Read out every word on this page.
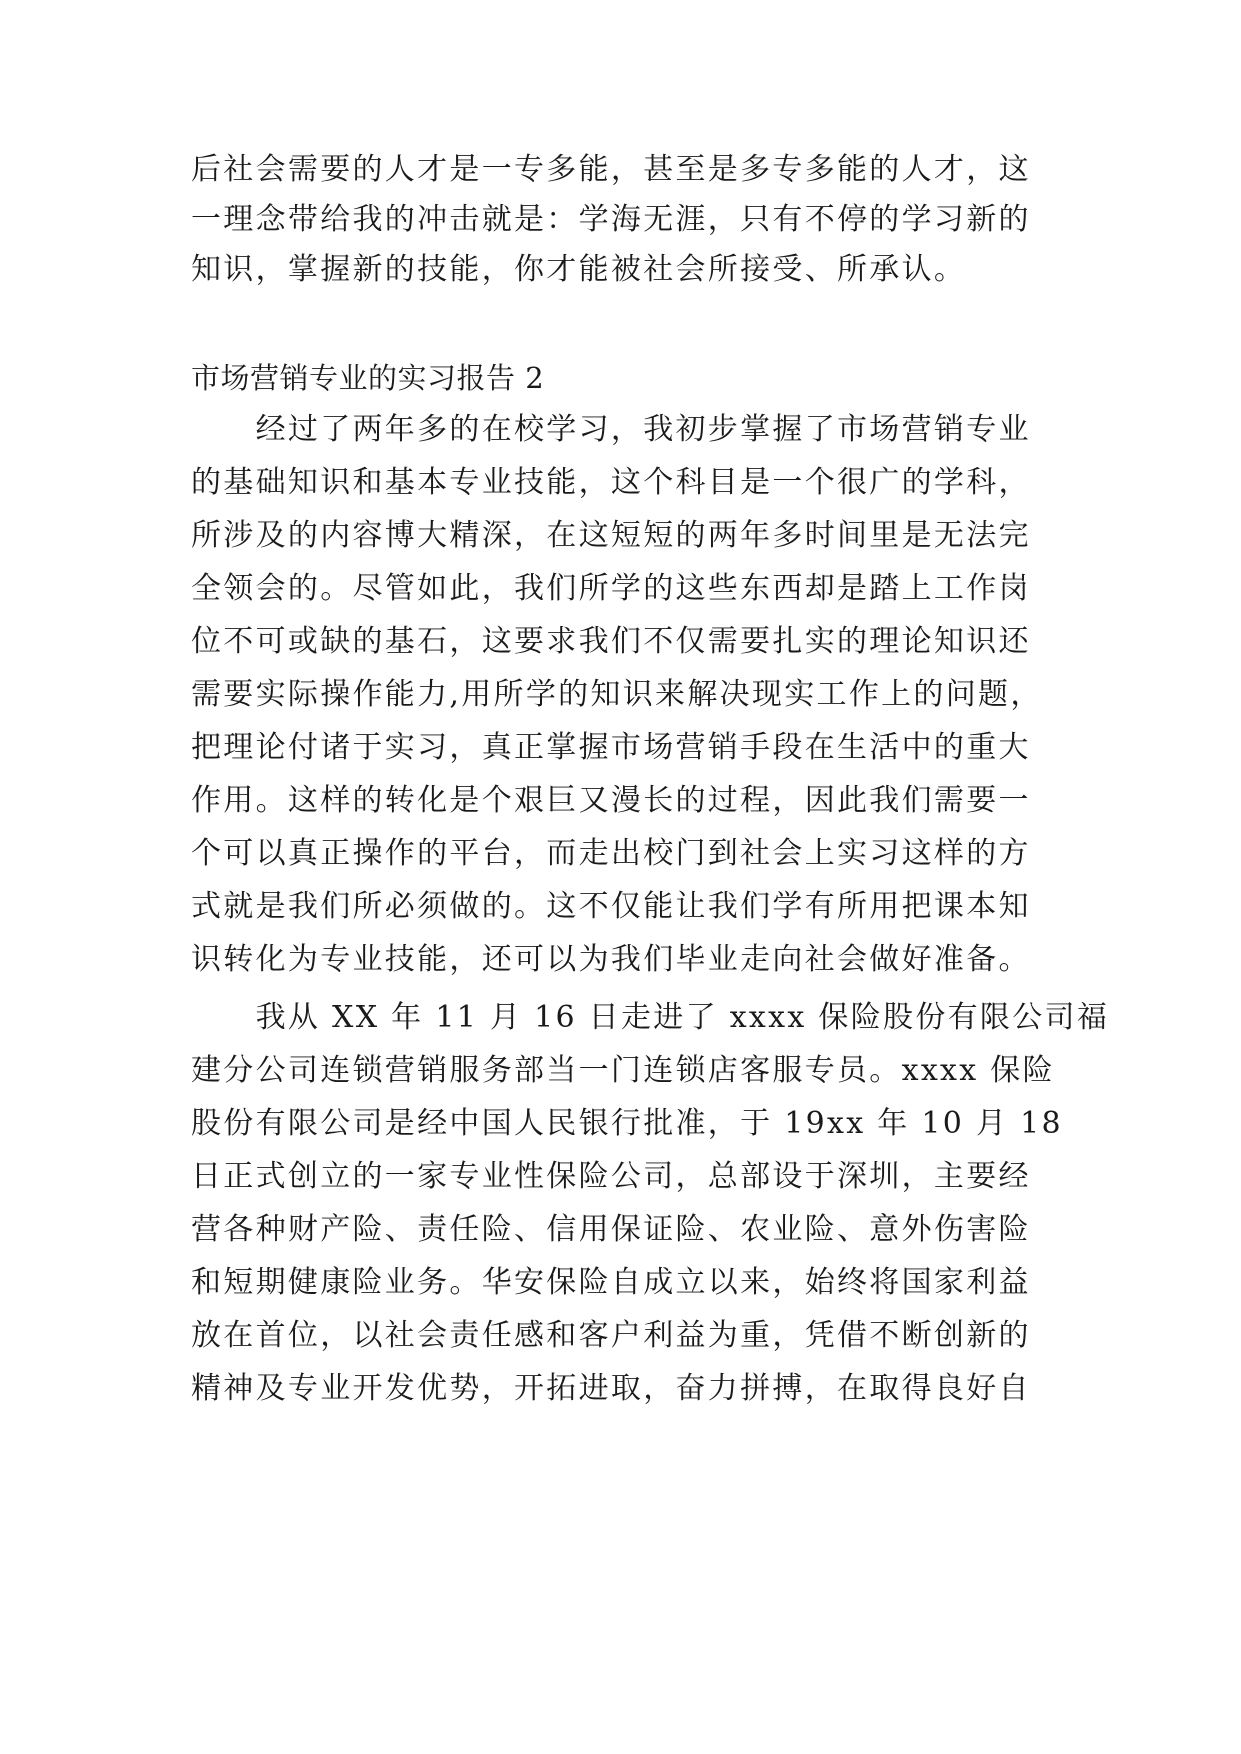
后社会需要的人才是一专多能，甚至是多专多能的人才，这
一理念带给我的冲击就是：学海无涯，只有不停的学习新的
知识，掌握新的技能，你才能被社会所接受、所承认。
市场营销专业的实习报告 2
　　经过了两年多的在校学习，我初步掌握了市场营销专业
的基础知识和基本专业技能，这个科目是一个很广的学科，
所涉及的内容博大精深，在这短短的两年多时间里是无法完
全领会的。尽管如此，我们所学的这些东西却是踏上工作岗
位不可或缺的基石，这要求我们不仅需要扎实的理论知识还
需要实际操作能力,用所学的知识来解决现实工作上的问题，
把理论付诸于实习，真正掌握市场营销手段在生活中的重大
作用。这样的转化是个艰巨又漫长的过程，因此我们需要一
个可以真正操作的平台，而走出校门到社会上实习这样的方
式就是我们所必须做的。这不仅能让我们学有所用把课本知
识转化为专业技能，还可以为我们毕业走向社会做好准备。
　　我从 XX 年 11 月 16 日走进了 xxxx 保险股份有限公司福
建分公司连锁营销服务部当一门连锁店客服专员。xxxx 保险
股份有限公司是经中国人民银行批准，于 19xx 年 10 月 18
日正式创立的一家专业性保险公司，总部设于深圳，主要经
营各种财产险、责任险、信用保证险、农业险、意外伤害险
和短期健康险业务。华安保险自成立以来，始终将国家利益
放在首位，以社会责任感和客户利益为重，凭借不断创新的
精神及专业开发优势，开拓进取，奋力拼搏，在取得良好自
